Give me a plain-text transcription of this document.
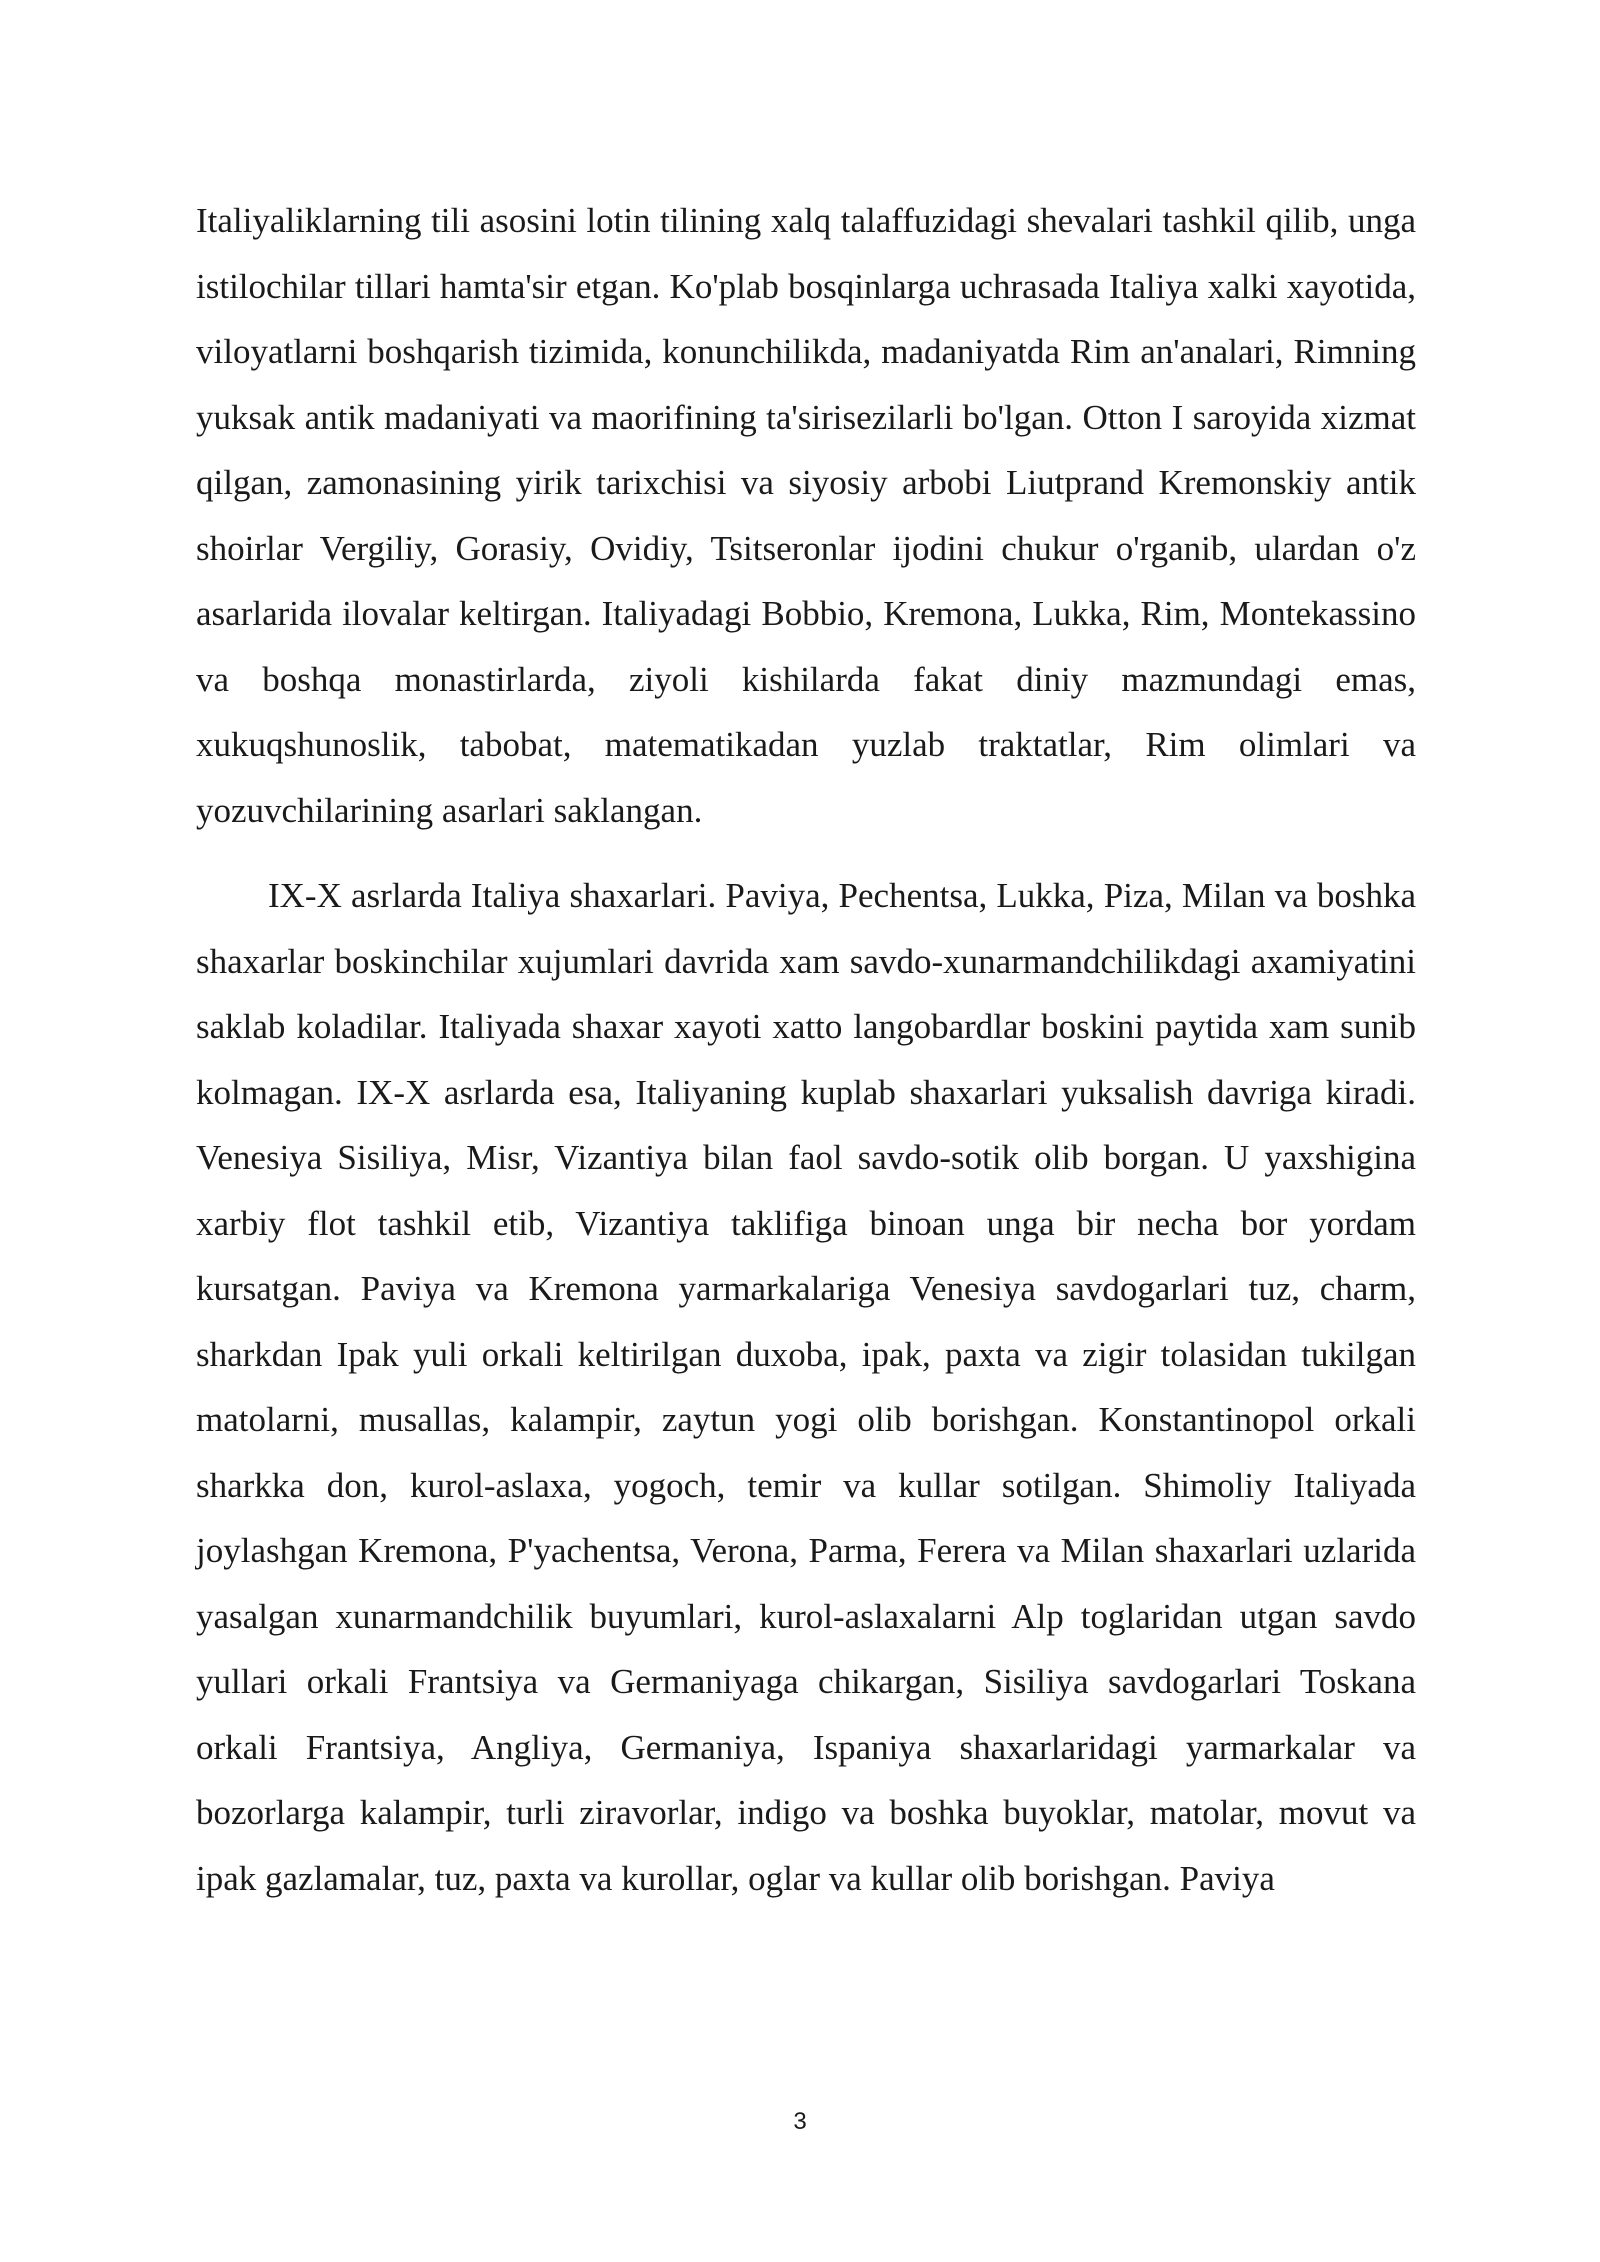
Italiyaliklarning tili asosini lotin tilining xalq talaffuzidagi shevalari tashkil qilib, unga istilochilar tillari hamta'sir etgan. Ko'plab bosqinlarga uchrasada Italiya xalki xayotida, viloyatlarni boshqarish tizimida, konunchilikda, madaniyatda Rim an'analari, Rimning yuksak antik madaniyati va maorifining ta'sirisezilarli bo'lgan. Otton I saroyida xizmat qilgan, zamonasining yirik tarixchisi va siyosiy arbobi Liutprand Kremonskiy antik shoirlar Vergiliy, Gorasiy, Ovidiy, Tsitseronlar ijodini chukur o'rganib, ulardan o'z asarlarida ilovalar keltirgan. Italiyadagi Bobbio, Kremona, Lukka, Rim, Montekassino va boshqa monastirlarda, ziyoli kishilarda fakat diniy mazmundagi emas, xukuqshunoslik, tabobat, matematikadan yuzlab traktatlar, Rim olimlari va yozuvchilarining asarlari saklangan.

IX-X asrlarda Italiya shaxarlari. Paviya, Pechentsa, Lukka, Piza, Milan va boshka shaxarlar boskinchilar xujumlari davrida xam savdo-xunarmandchilikdagi axamiyatini saklab koladilar. Italiyada shaxar xayoti xatto langobardlar boskini paytida xam sunib kolmagan. IX-X asrlarda esa, Italiyaning kuplab shaxarlari yuksalish davriga kiradi. Venesiya Sisiliya, Misr, Vizantiya bilan faol savdo-sotik olib borgan. U yaxshigina xarbiy flot tashkil etib, Vizantiya taklifiga binoan unga bir necha bor yordam kursatgan. Paviya va Kremona yarmarkalariga Venesiya savdogarlari tuz, charm, sharkdan Ipak yuli orkali keltirilgan duxoba, ipak, paxta va zigir tolasidan tukilgan matolarni, musallas, kalampir, zaytun yogi olib borishgan. Konstantinopol orkali sharkka don, kurol-aslaxa, yogoch, temir va kullar sotilgan. Shimoliy Italiyada joylashgan Kremona, P'yachentsa, Verona, Parma, Ferera va Milan shaxarlari uzlarida yasalgan xunarmandchilik buyumlari, kurol-aslaxalarni Alp toglaridan utgan savdo yullari orkali Frantsiya va Germaniyaga chikargan, Sisiliya savdogarlari Toskana orkali Frantsiya, Angliya, Germaniya, Ispaniya shaxarlaridagi yarmarkalar va bozorlarga kalampir, turli ziravorlar, indigo va boshka buyoklar, matolar, movut va ipak gazlamalar, tuz, paxta va kurollar, oglar va kullar olib borishgan. Paviya

3
